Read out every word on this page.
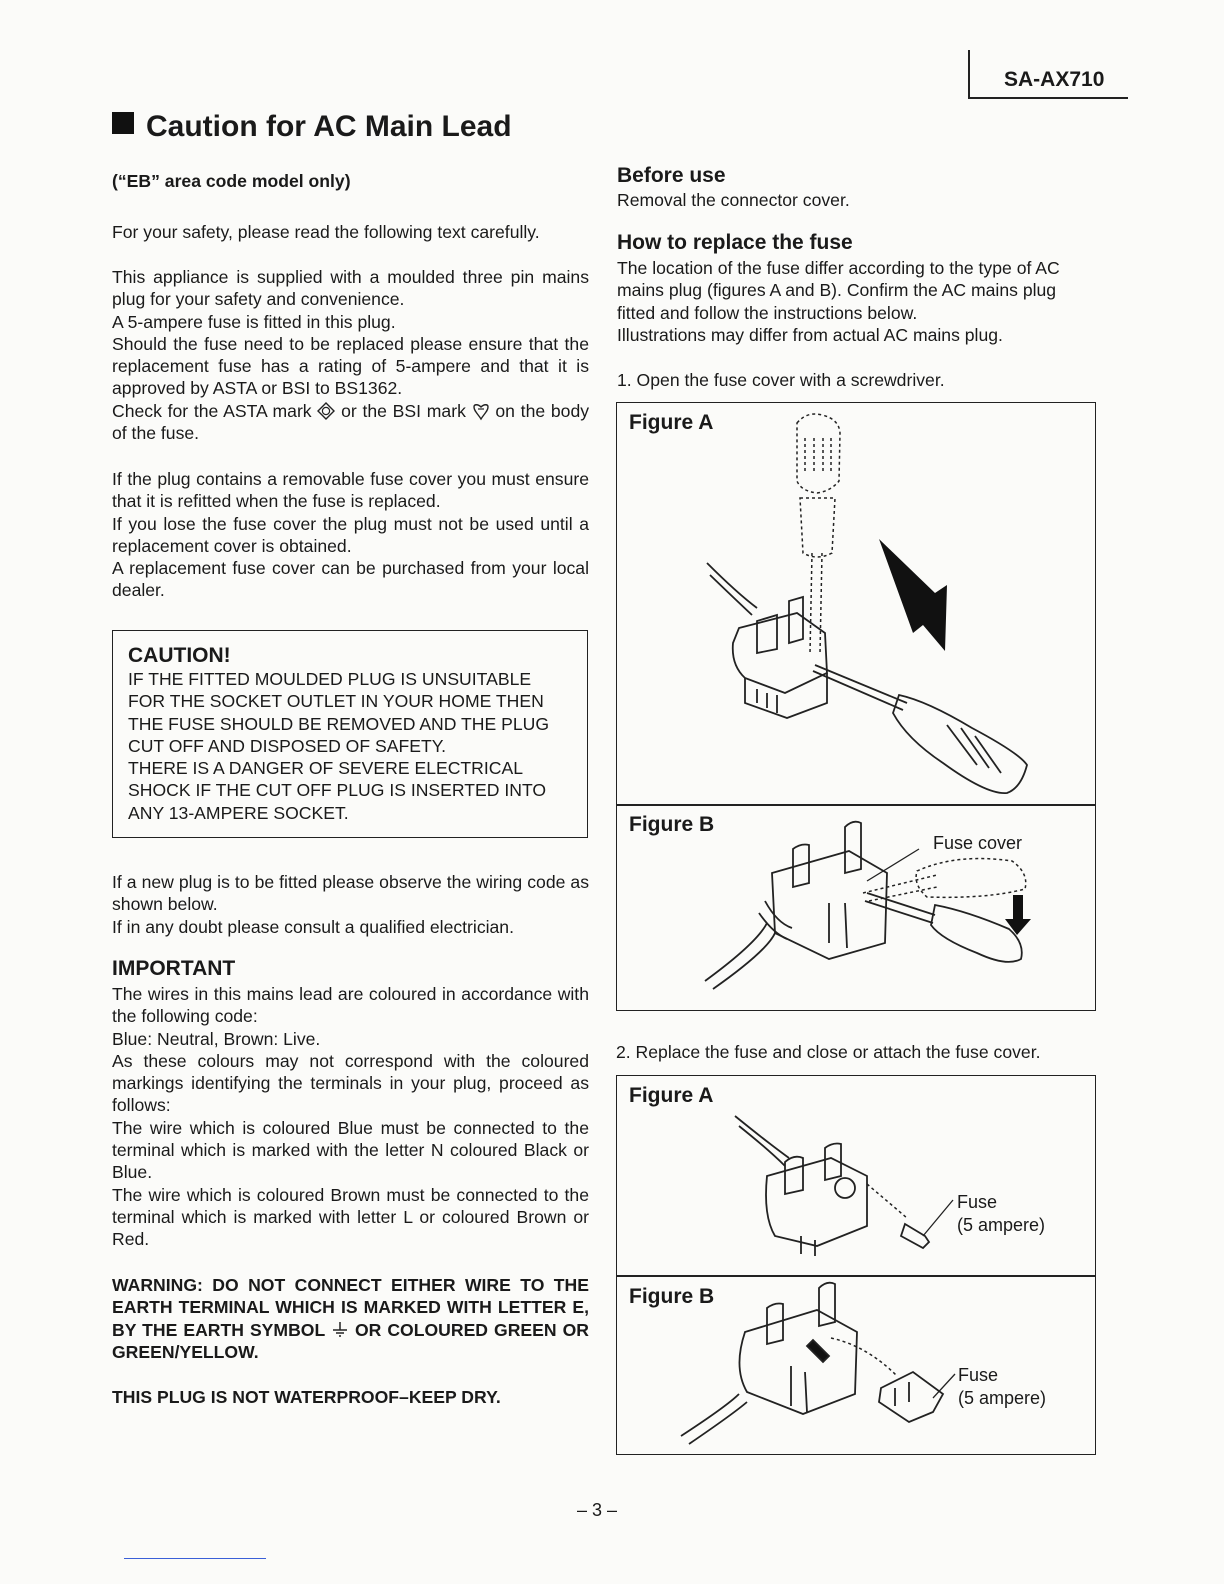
SA-AX710
Caution for AC Main Lead
(“EB” area code model only)
For your safety, please read the following text carefully.
This appliance is supplied with a moulded three pin mains plug for your safety and convenience.
A 5-ampere fuse is fitted in this plug.
Should the fuse need to be replaced please ensure that the replacement fuse has a rating of 5-ampere and that it is approved by ASTA or BSI to BS1362.
Check for the ASTA mark or the BSI mark on the body of the fuse.
If the plug contains a removable fuse cover you must ensure that it is refitted when the fuse is replaced.
If you lose the fuse cover the plug must not be used until a replacement cover is obtained.
A replacement fuse cover can be purchased from your local dealer.
CAUTION!
IF THE FITTED MOULDED PLUG IS UNSUITABLE
FOR THE SOCKET OUTLET IN YOUR HOME THEN
THE FUSE SHOULD BE REMOVED AND THE PLUG
CUT OFF AND DISPOSED OF SAFETY.
THERE IS A DANGER OF SEVERE ELECTRICAL
SHOCK IF THE CUT OFF PLUG IS INSERTED INTO
ANY 13-AMPERE SOCKET.
If a new plug is to be fitted please observe the wiring code as shown below.
If in any doubt please consult a qualified electrician.
IMPORTANT
The wires in this mains lead are coloured in accordance with the following code:
Blue: Neutral, Brown: Live.
As these colours may not correspond with the coloured markings identifying the terminals in your plug, proceed as follows:
The wire which is coloured Blue must be connected to the terminal which is marked with the letter N coloured Black or Blue.
The wire which is coloured Brown must be connected to the terminal which is marked with letter L or coloured Brown or Red.
WARNING: DO NOT CONNECT EITHER WIRE TO THE EARTH TERMINAL WHICH IS MARKED WITH LETTER E, BY THE EARTH SYMBOL OR COLOURED GREEN OR GREEN/YELLOW.
THIS PLUG IS NOT WATERPROOF–KEEP DRY.
Before use
Removal the connector cover.
How to replace the fuse
The location of the fuse differ according to the type of AC mains plug (figures A and B). Confirm the AC mains plug fitted and follow the instructions below.
Illustrations may differ from actual AC mains plug.
1. Open the fuse cover with a screwdriver.
Figure A
Figure B
Fuse cover
2. Replace the fuse and close or attach the fuse cover.
Figure A
Figure B
Fuse
(5 ampere)
Fuse
(5 ampere)
– 3 –
